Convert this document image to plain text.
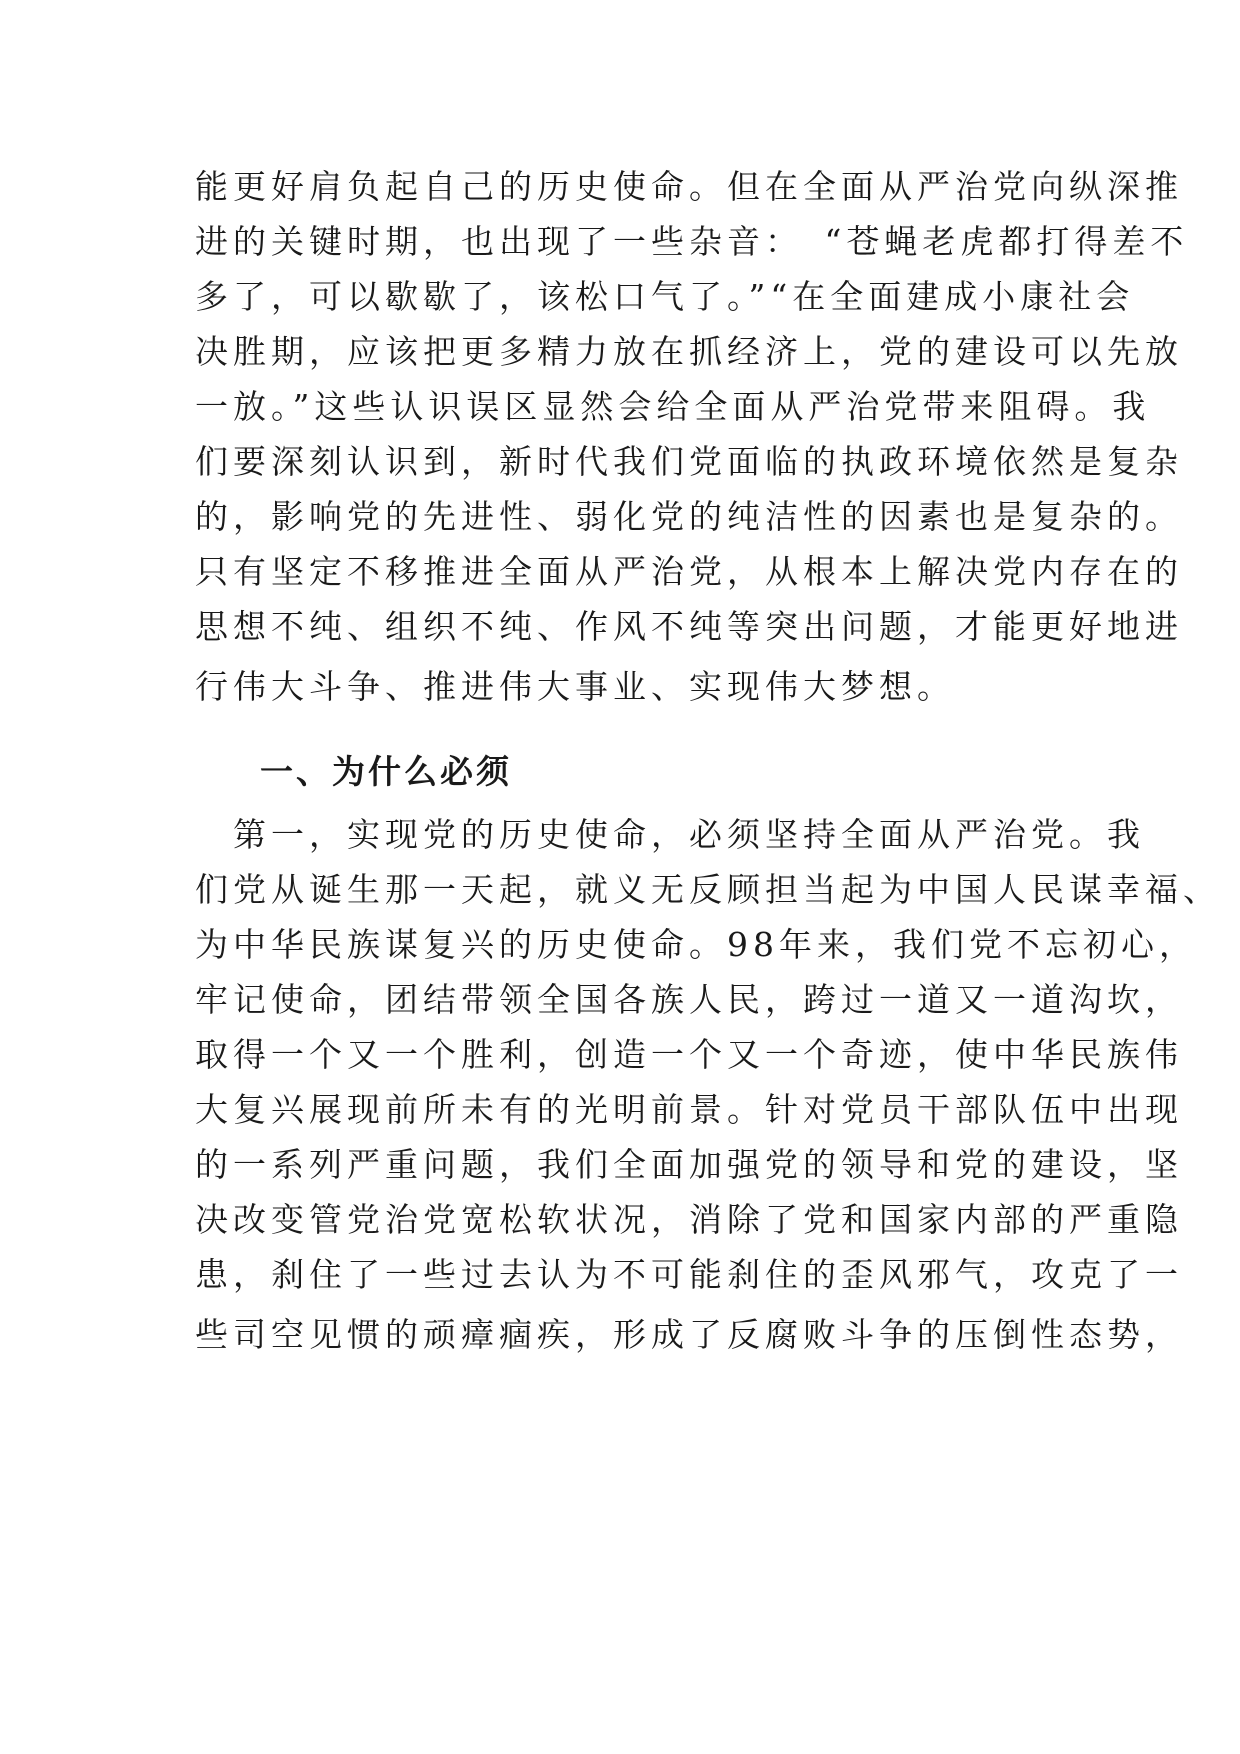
能更好肩负起自己的历史使命。但在全面从严治党向纵深推
进的关键时期，也出现了一些杂音：　“苍蝇老虎都打得差不
多了，可以歇歇了，该松口气了。”“在全面建成小康社会
决胜期，应该把更多精力放在抓经济上，党的建设可以先放
一放。”这些认识误区显然会给全面从严治党带来阻碍。我
们要深刻认识到，新时代我们党面临的执政环境依然是复杂
的，影响党的先进性、弱化党的纯洁性的因素也是复杂的。
只有坚定不移推进全面从严治党，从根本上解决党内存在的
思想不纯、组织不纯、作风不纯等突出问题，才能更好地进
行伟大斗争、推进伟大事业、实现伟大梦想。
一、为什么必须
　第一，实现党的历史使命，必须坚持全面从严治党。我
们党从诞生那一天起，就义无反顾担当起为中国人民谋幸福、
为中华民族谋复兴的历史使命。98年来，我们党不忘初心，
牢记使命，团结带领全国各族人民，跨过一道又一道沟坎，
取得一个又一个胜利，创造一个又一个奇迹，使中华民族伟
大复兴展现前所未有的光明前景。针对党员干部队伍中出现
的一系列严重问题，我们全面加强党的领导和党的建设，坚
决改变管党治党宽松软状况，消除了党和国家内部的严重隐
患，刹住了一些过去认为不可能刹住的歪风邪气，攻克了一
些司空见惯的顽瘴痼疾，形成了反腐败斗争的压倒性态势，
